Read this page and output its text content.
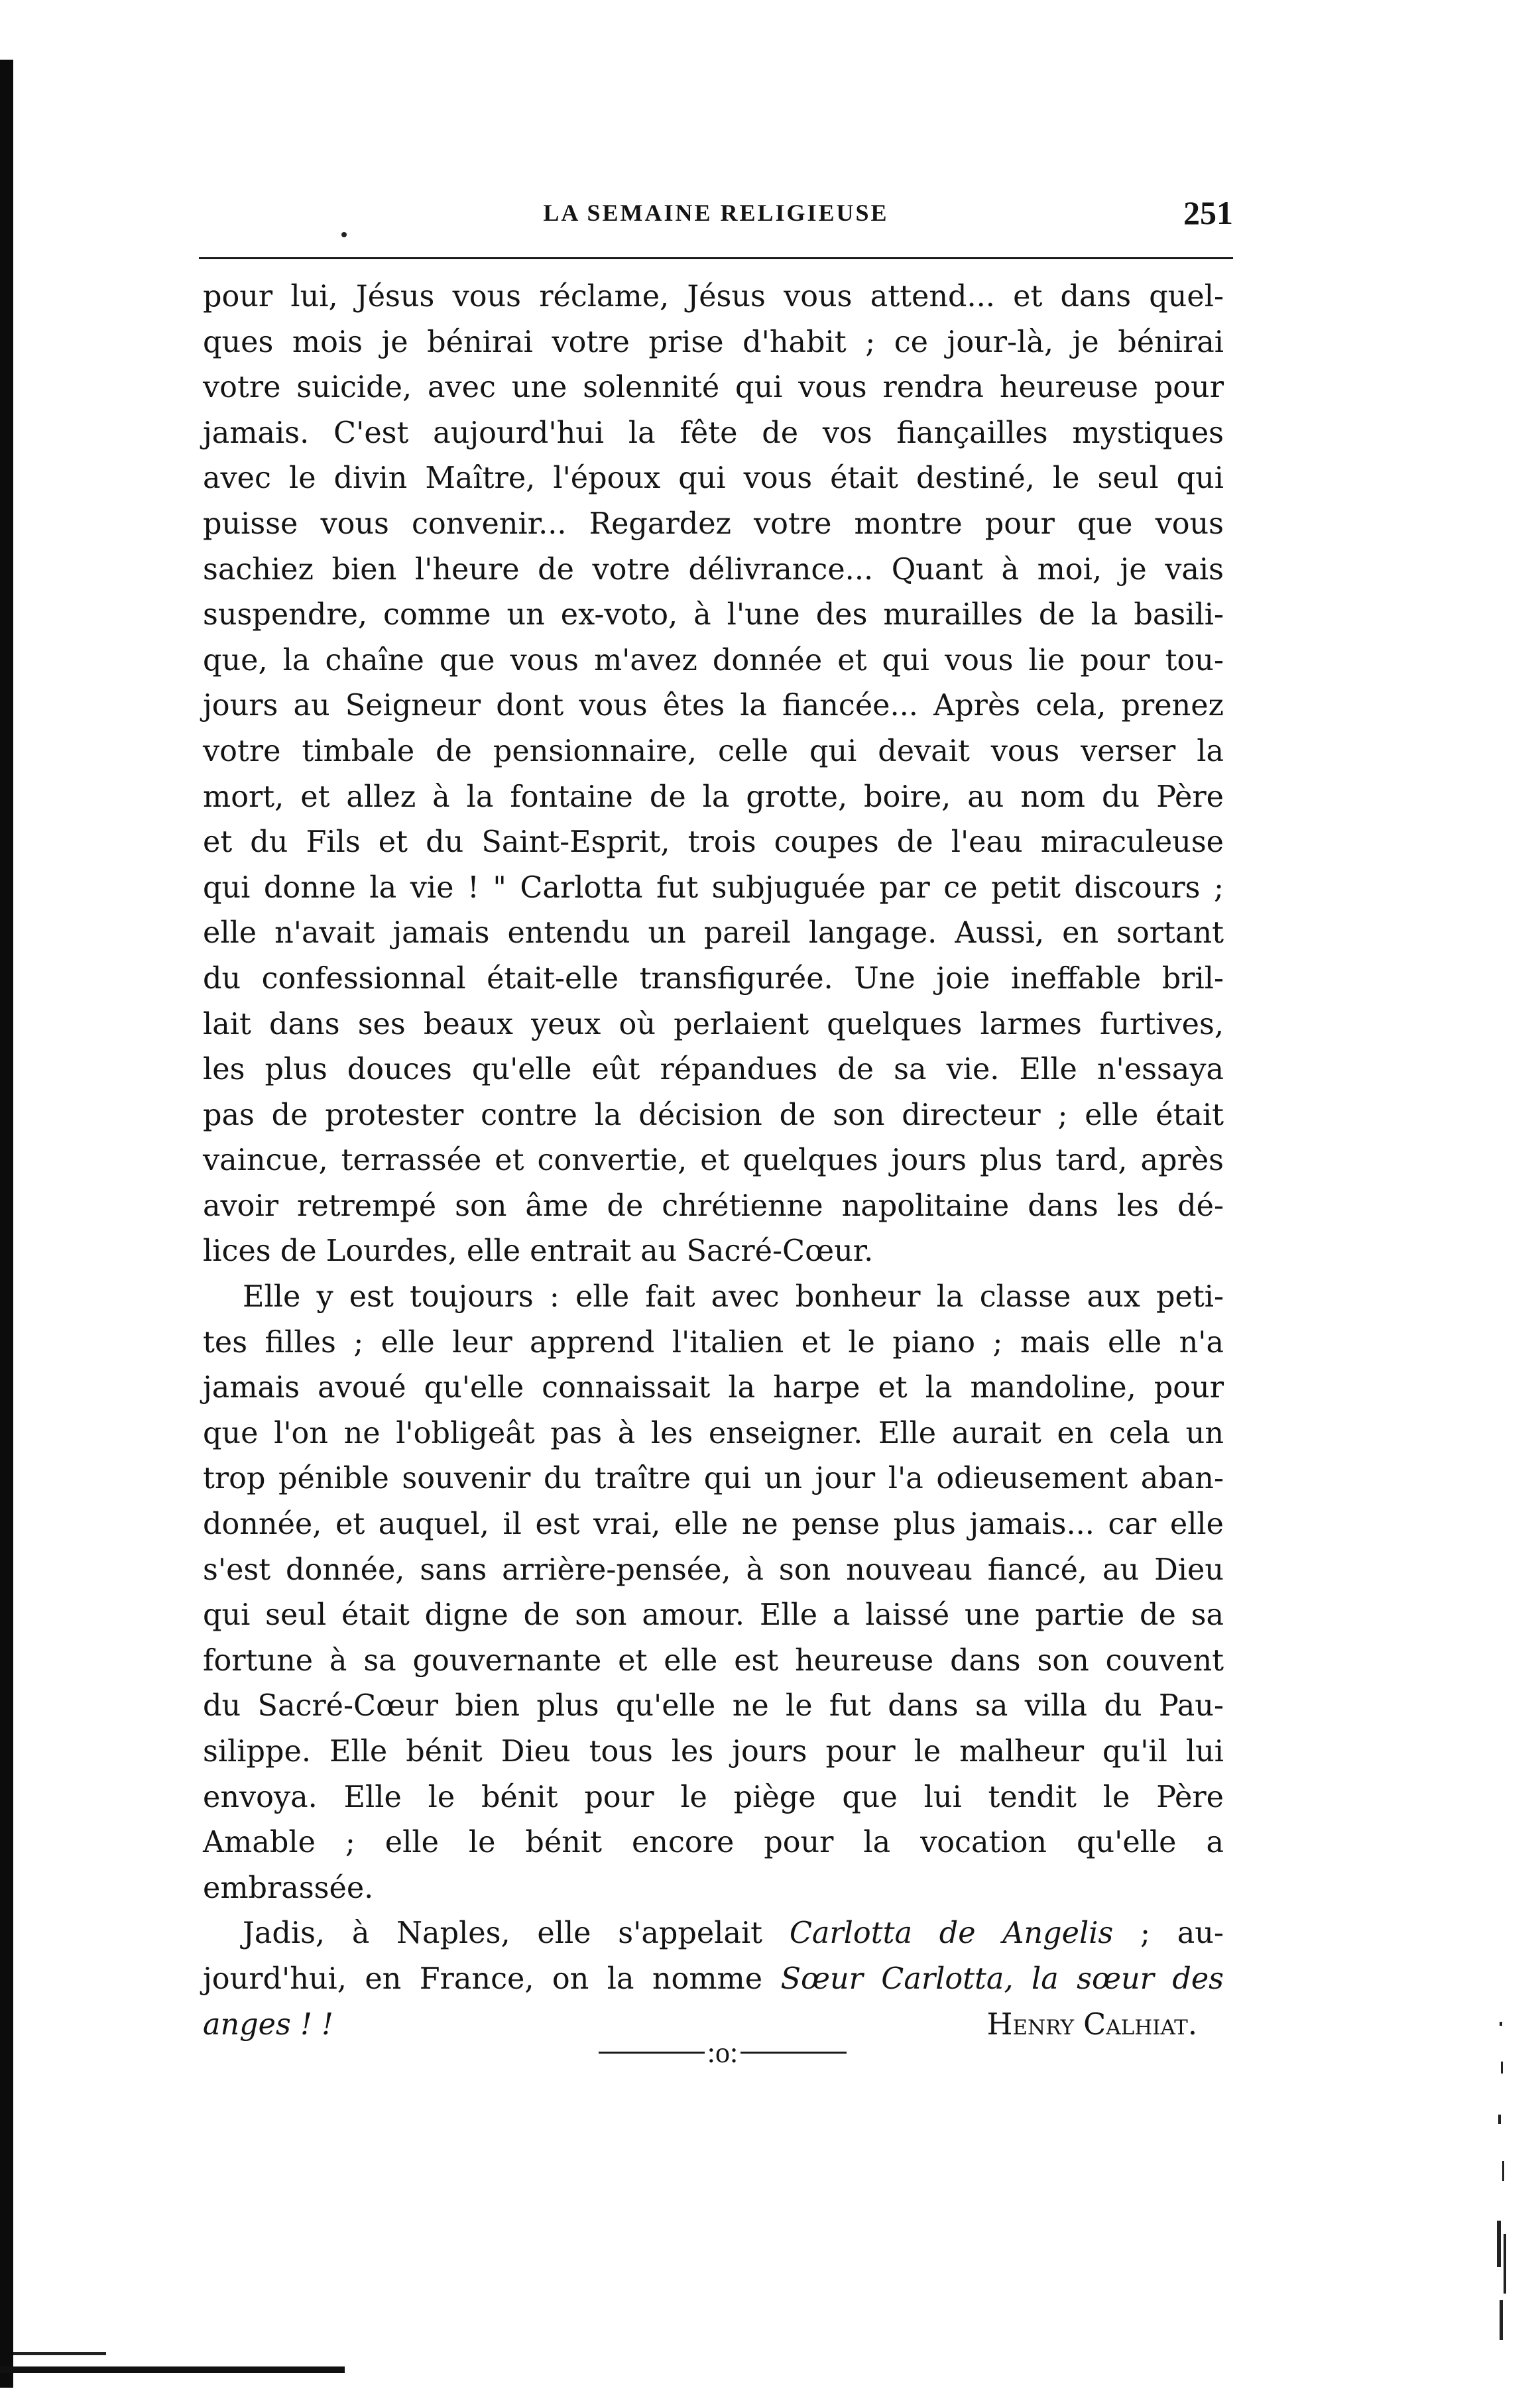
LA SEMAINE RELIGIEUSE	251

pour lui, Jésus vous réclame, Jésus vous attend... et dans quel-

ques mois je bénirai votre prise d'habit ; ce jour-là, je bénirai

votre suicide, avec une solennité qui vous rendra heureuse pour

jamais. C'est aujourd'hui la fête de vos fiançailles mystiques

avec le divin Maître, l'époux qui vous était destiné, le seul qui

puisse vous convenir... Regardez votre montre pour que vous

sachiez bien l'heure de votre délivrance... Quant à moi, je vais

suspendre, comme un ex-voto, à l'une des murailles de la basili-

que, la chaîne que vous m'avez donnée et qui vous lie pour tou-

jours au Seigneur dont vous êtes la fiancée... Après cela, prenez

votre timbale de pensionnaire, celle qui devait vous verser la

mort, et allez à la fontaine de la grotte, boire, au nom du Père

et du Fils et du Saint-Esprit, trois coupes de l'eau miraculeuse

qui donne la vie ! " Carlotta fut subjuguée par ce petit discours ;

elle n'avait jamais entendu un pareil langage. Aussi, en sortant

du confessionnal était-elle transfigurée. Une joie ineffable bril-

lait dans ses beaux yeux où perlaient quelques larmes furtives,

les plus douces qu'elle eût répandues de sa vie. Elle n'essaya

pas de protester contre la décision de son directeur ; elle était

vaincue, terrassée et convertie, et quelques jours plus tard, après

avoir retrempé son âme de chrétienne napolitaine dans les dé-

lices de Lourdes, elle entrait au Sacré-Cœur.

Elle y est toujours : elle fait avec bonheur la classe aux peti-

tes filles ; elle leur apprend l'italien et le piano ; mais elle n'a

jamais avoué qu'elle connaissait la harpe et la mandoline, pour

que l'on ne l'obligeât pas à les enseigner. Elle aurait en cela un

trop pénible souvenir du traître qui un jour l'a odieusement aban-

donnée, et auquel, il est vrai, elle ne pense plus jamais... car elle

s'est donnée, sans arrière-pensée, à son nouveau fiancé, au Dieu

qui seul était digne de son amour. Elle a laissé une partie de sa

fortune à sa gouvernante et elle est heureuse dans son couvent

du Sacré-Cœur bien plus qu'elle ne le fut dans sa villa du Pau-

silippe. Elle bénit Dieu tous les jours pour le malheur qu'il lui

envoya. Elle le bénit pour le piège que lui tendit le Père

Amable ; elle le bénit encore pour la vocation qu'elle a

embrassée.

Jadis, à Naples, elle s'appelait Carlotta de Angelis ; au-

jourd'hui, en France, on la nomme Sœur Carlotta, la sœur des

anges ! !	Henry Calhiat.
:o:
